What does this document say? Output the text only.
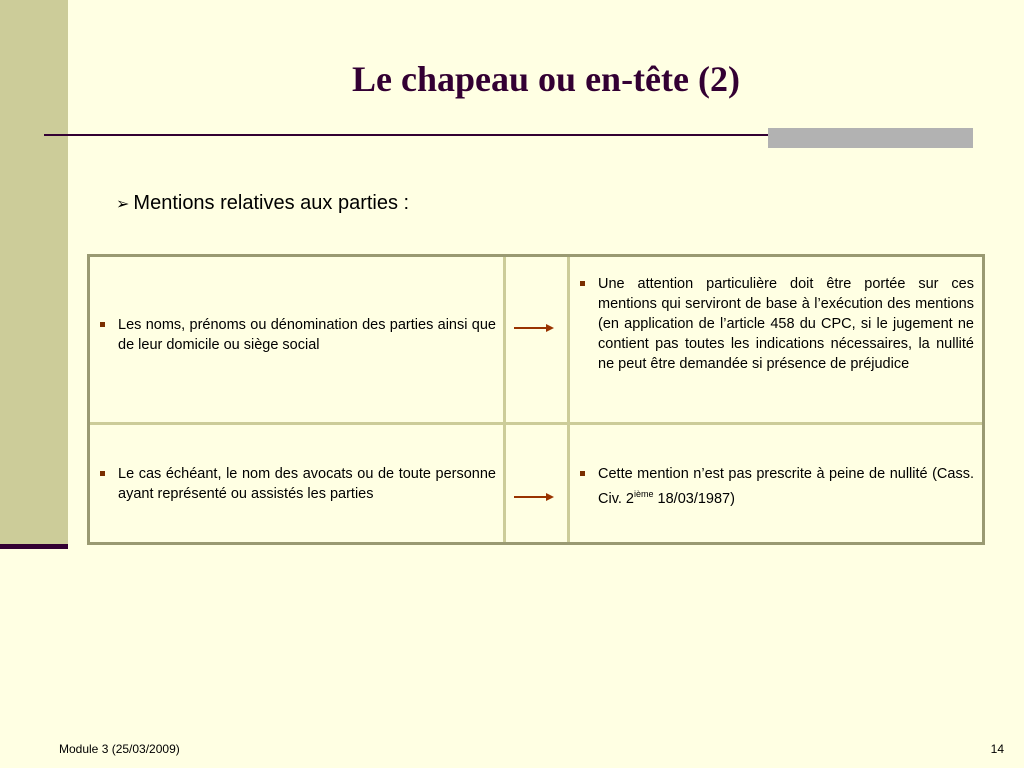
Le chapeau ou en-tête (2)
➢ Mentions relatives aux parties :
Les noms, prénoms ou dénomination des parties ainsi que de leur domicile ou siège social
Une attention particulière doit être portée sur ces mentions qui serviront de base à l’exécution des mentions (en application de l’article 458 du CPC, si le jugement ne contient pas toutes les indications nécessaires, la nullité ne peut être demandée si présence de préjudice
Le cas échéant, le nom des avocats ou de toute personne ayant représenté ou assistés les parties
Cette mention n’est pas prescrite à peine de nullité (Cass. Civ. 2ième 18/03/1987)
Module 3 (25/03/2009)	14
